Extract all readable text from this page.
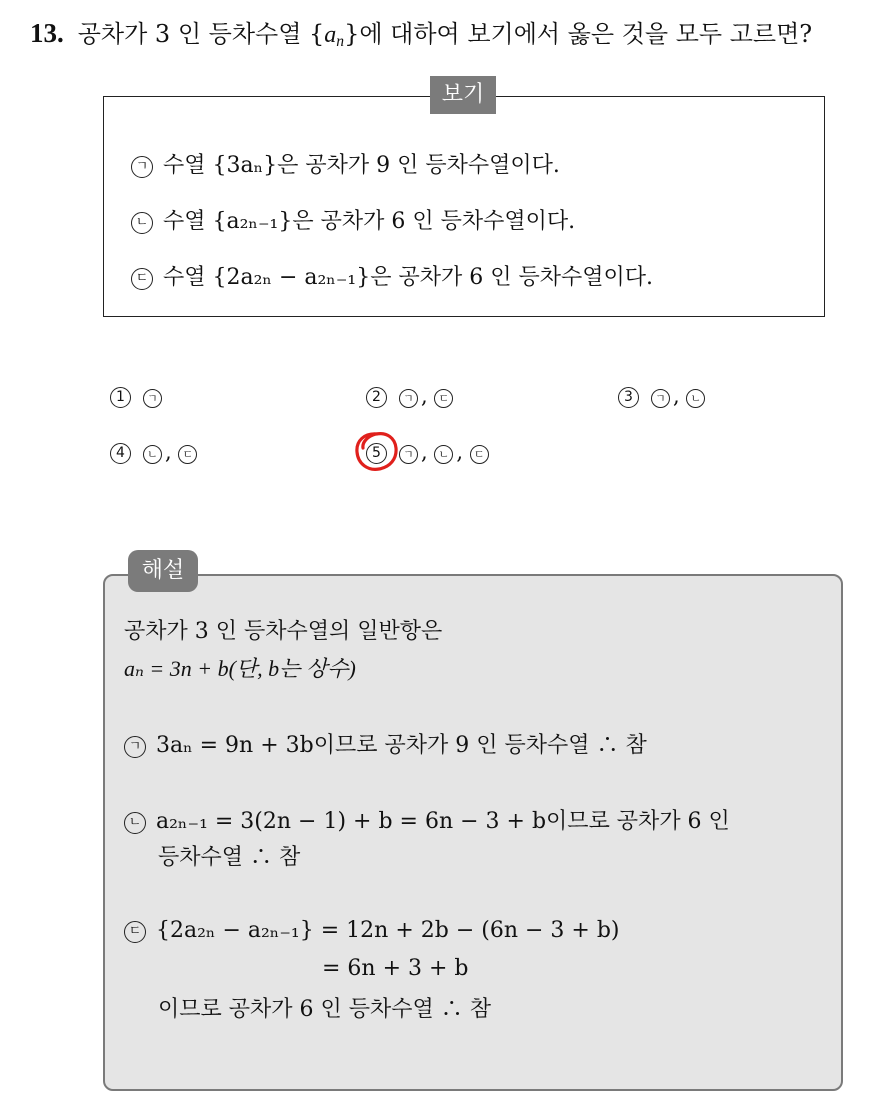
13. 공차가 3 인 등차수열 $\{a_n\}$에 대하여 보기에서 옳은 것을 모두 고르면?
보기
ㄱ 수열 {3aₙ}은 공차가 9 인 등차수열이다.
ㄴ 수열 {a₂ₙ₋₁}은 공차가 6 인 등차수열이다.
ㄷ 수열 {2a₂ₙ − a₂ₙ₋₁}은 공차가 6 인 등차수열이다.
1 ㄱ	2 ㄱ , ㄷ	3 ㄱ , ㄴ
4 ㄴ , ㄷ	5 ㄱ , ㄴ , ㄷ
해설
공차가 3 인 등차수열의 일반항은
aₙ = 3n + b(단, b는 상수)
ㄱ 3aₙ = 9n + 3b이므로 공차가 9 인 등차수열 ∴ 참
ㄴ a₂ₙ₋₁ = 3(2n − 1) + b = 6n − 3 + b이므로 공차가 6 인
등차수열 ∴ 참
ㄷ {2a₂ₙ − a₂ₙ₋₁} = 12n + 2b − (6n − 3 + b)
= 6n + 3 + b
이므로 공차가 6 인 등차수열 ∴ 참
